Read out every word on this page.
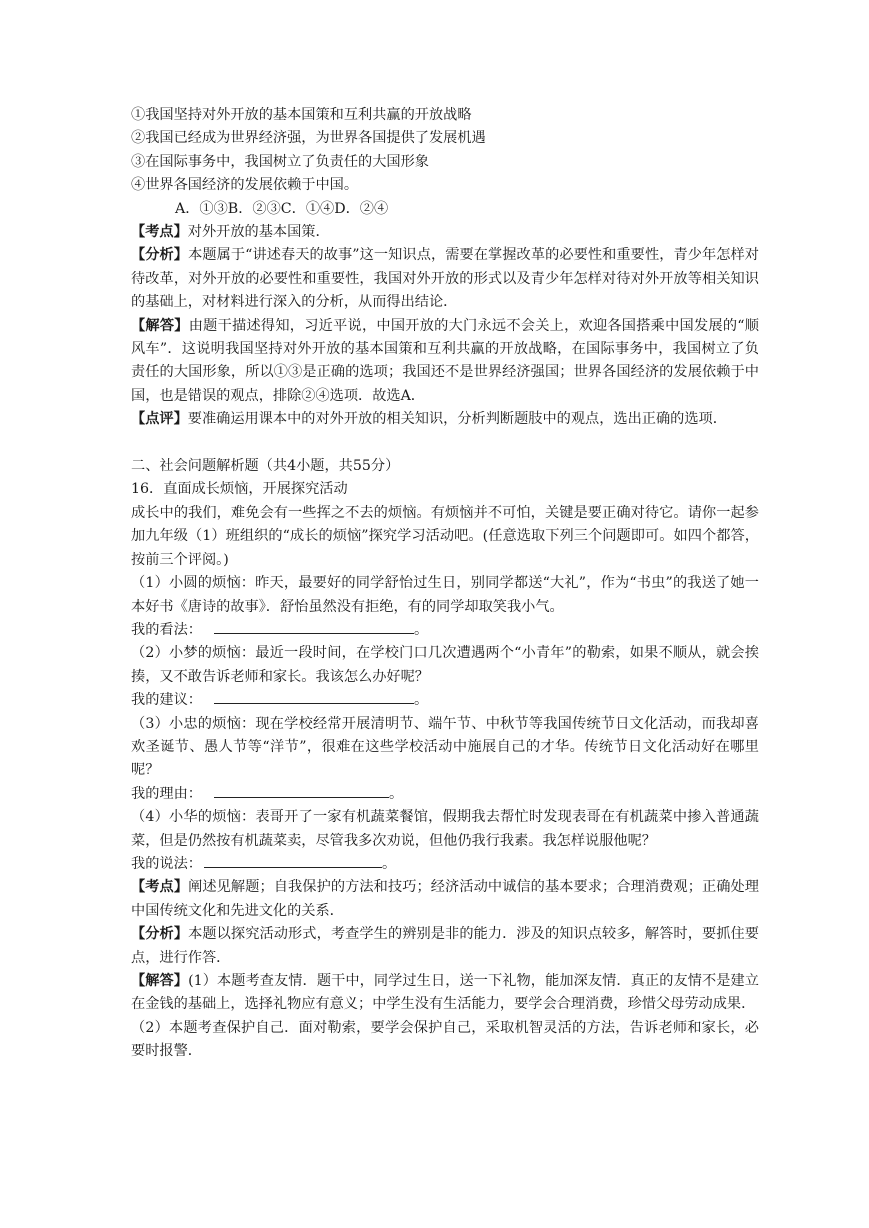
①我国坚持对外开放的基本国策和互利共赢的开放战略

②我国已经成为世界经济强，为世界各国提供了发展机遇

③在国际事务中，我国树立了负责任的大国形象

④世界各国经济的发展依赖于中国。

A．①③B．②③C．①④D．②④

【考点】对外开放的基本国策．

【分析】本题属于“讲述春天的故事”这一知识点，需要在掌握改革的必要性和重要性，青少年怎样对待改革，对外开放的必要性和重要性，我国对外开放的形式以及青少年怎样对待对外开放等相关知识的基础上，对材料进行深入的分析，从而得出结论．

【解答】由题干描述得知，习近平说，中国开放的大门永远不会关上，欢迎各国搭乘中国发展的“顺风车”．这说明我国坚持对外开放的基本国策和互利共赢的开放战略，在国际事务中，我国树立了负责任的大国形象，所以①③是正确的选项；我国还不是世界经济强国；世界各国经济的发展依赖于中国，也是错误的观点，排除②④选项．故选A．

【点评】要准确运用课本中的对外开放的相关知识，分析判断题肢中的观点，选出正确的选项．

二、社会问题解析题（共4小题，共55分）

16．直面成长烦恼，开展探究活动

成长中的我们，难免会有一些挥之不去的烦恼。有烦恼并不可怕，关键是要正确对待它。请你一起参加九年级（1）班组织的“成长的烦恼”探究学习活动吧。(任意选取下列三个问题即可。如四个都答，按前三个评阅。)

（1）小圆的烦恼：昨天，最要好的同学舒怡过生日，别同学都送“大礼”，作为“书虫”的我送了她一本好书《唐诗的故事》．舒怡虽然没有拒绝，有的同学却取笑我小气。

我的看法：	。

（2）小梦的烦恼：最近一段时间，在学校门口几次遭遇两个“小青年”的勒索，如果不顺从，就会挨揍，又不敢告诉老师和家长。我该怎么办好呢？

我的建议：	。

（3）小忠的烦恼：现在学校经常开展清明节、端午节、中秋节等我国传统节日文化活动，而我却喜欢圣诞节、愚人节等“洋节”，很难在这些学校活动中施展自己的才华。传统节日文化活动好在哪里呢？

我的理由：	。

（4）小华的烦恼：表哥开了一家有机蔬菜餐馆，假期我去帮忙时发现表哥在有机蔬菜中掺入普通蔬菜，但是仍然按有机蔬菜卖，尽管我多次劝说，但他仍我行我素。我怎样说服他呢？

我的说法：	。

【考点】阐述见解题；自我保护的方法和技巧；经济活动中诚信的基本要求；合理消费观；正确处理中国传统文化和先进文化的关系．

【分析】本题以探究活动形式，考查学生的辨别是非的能力．涉及的知识点较多，解答时，要抓住要点，进行作答．

【解答】(1）本题考查友情．题干中，同学过生日，送一下礼物，能加深友情．真正的友情不是建立在金钱的基础上，选择礼物应有意义；中学生没有生活能力，要学会合理消费，珍惜父母劳动成果．

（2）本题考查保护自己．面对勒索，要学会保护自己，采取机智灵活的方法，告诉老师和家长，必要时报警．
